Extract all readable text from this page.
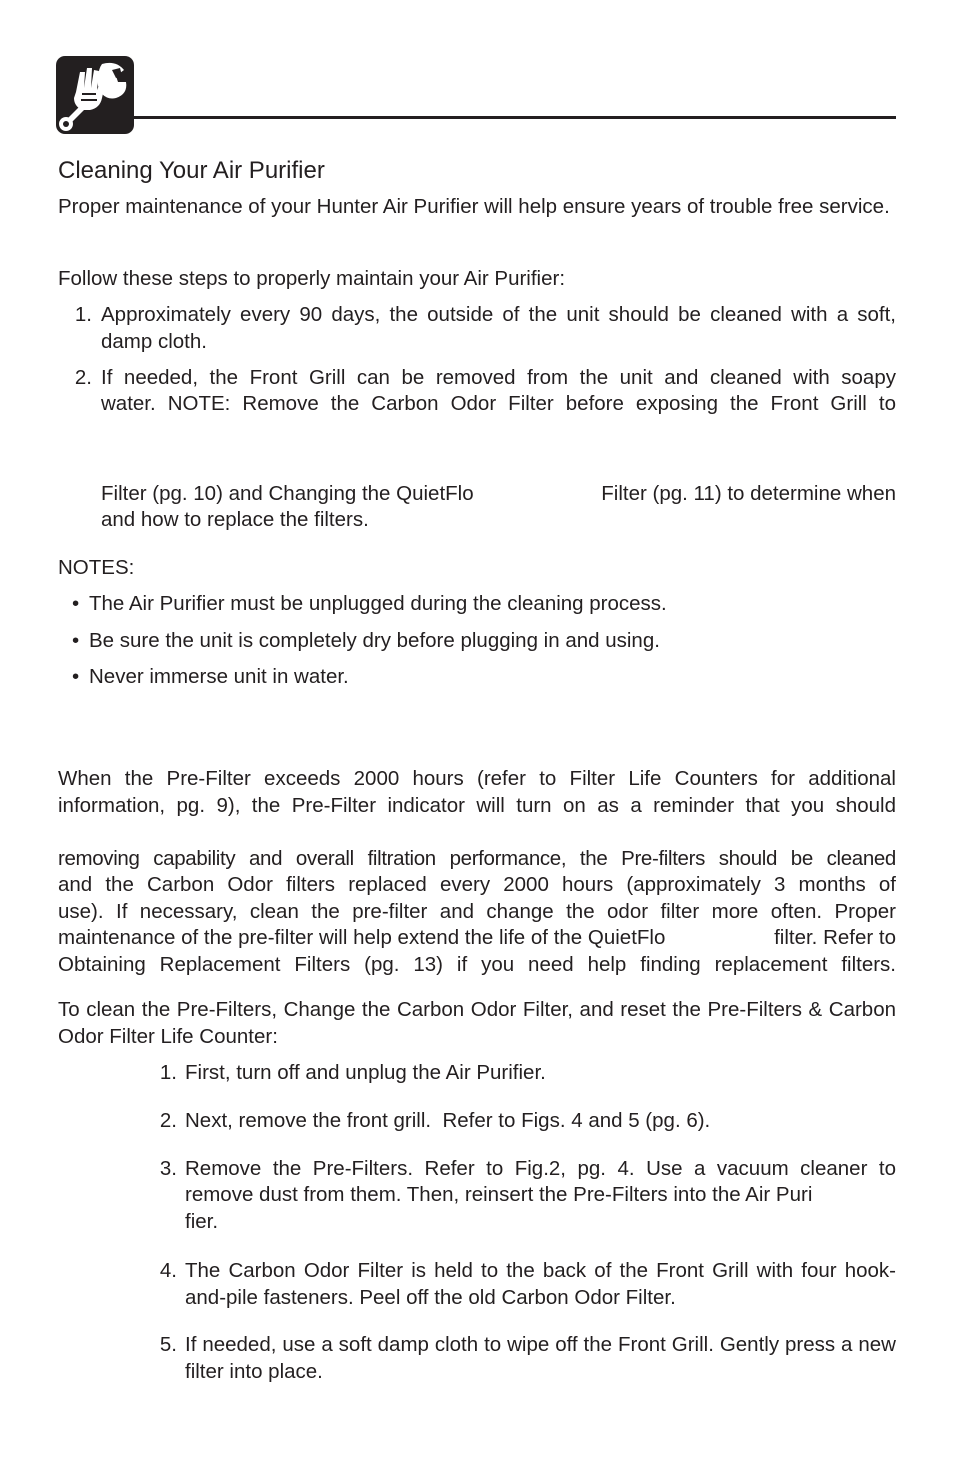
Cleaning Your Air Purifier
Proper maintenance of your Hunter Air Purifier will help ensure years of trouble free service.
Follow these steps to properly maintain your Air Purifier:
1. Approximately every 90 days, the outside of the unit should be cleaned with a soft, damp cloth.
2. If needed, the Front Grill can be removed from the unit and cleaned with soapy
water. NOTE: Remove the Carbon Odor Filter before exposing the Front Grill to
Filter (pg. 10) and Changing the QuietFlo	Filter (pg. 11) to determine when
and how to replace the filters.
NOTES:
• The Air Purifier must be unplugged during the cleaning process.
• Be sure the unit is completely dry before plugging in and using.
• Never immerse unit in water.
When the Pre-Filter exceeds 2000 hours (refer to Filter Life Counters for additional
information, pg. 9), the Pre-Filter indicator will turn on as a reminder that you should
removing capability and overall filtration performance, the Pre-filters should be cleaned
and the Carbon Odor filters replaced every 2000 hours (approximately 3 months of
use). If necessary, clean the pre-filter and change the odor filter more often. Proper
maintenance of the pre-filter will help extend the life of the QuietFlo	filter. Refer to
Obtaining Replacement Filters (pg. 13) if you need help finding replacement filters.
To clean the Pre-Filters, Change the Carbon Odor Filter, and reset the Pre-Filters & Carbon Odor Filter Life Counter:
1. First, turn off and unplug the Air Purifier.
2. Next, remove the front grill.  Refer to Figs. 4 and 5 (pg. 6).
3. Remove the Pre-Filters. Refer to Fig.2, pg. 4. Use a vacuum cleaner to
remove dust from them. Then, reinsert the Pre-Filters into the Air Puri
fier.
4. The Carbon Odor Filter is held to the back of the Front Grill with four hook-and-pile fasteners. Peel off the old Carbon Odor Filter.
5. If needed, use a soft damp cloth to wipe off the Front Grill. Gently press a new filter into place.
